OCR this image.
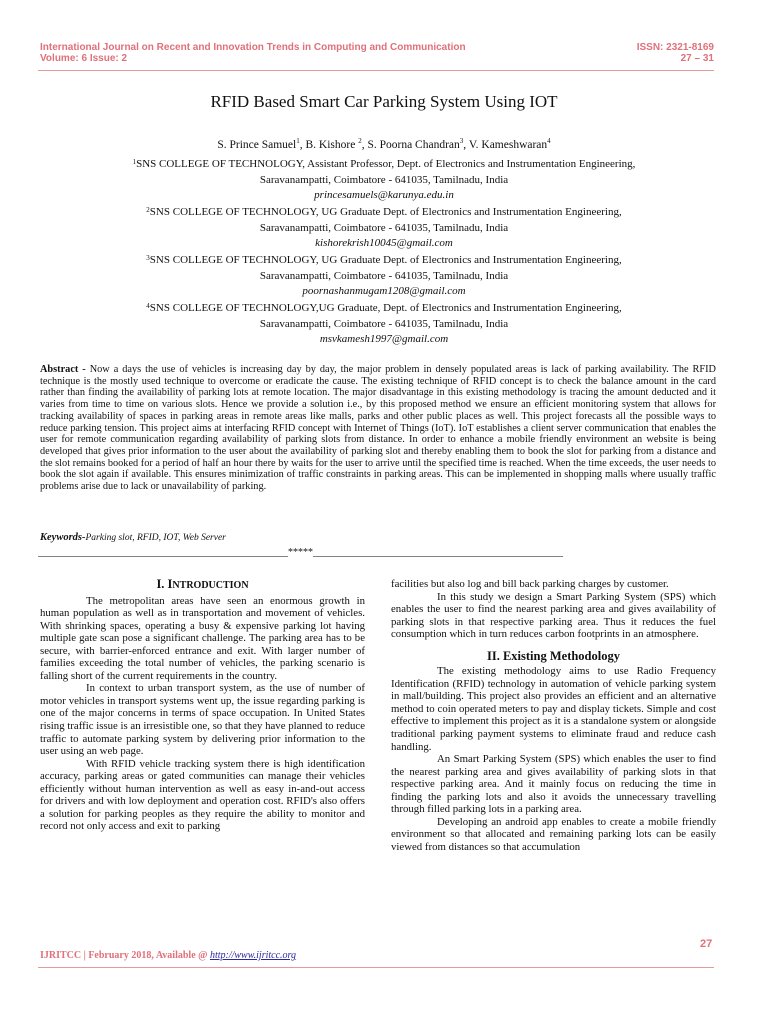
International Journal on Recent and Innovation Trends in Computing and Communication
Volume: 6 Issue: 2
ISSN: 2321-8169
27 – 31
RFID Based Smart Car Parking System Using IOT
S. Prince Samuel$^1$, B. Kishore $^2$, S. Poorna Chandran$^3$, V. Kameshwaran$^4$
$^1$SNS COLLEGE OF TECHNOLOGY, Assistant Professor, Dept. of Electronics and Instrumentation Engineering,
Saravanampatti, Coimbatore - 641035, Tamilnadu, India
princesamuels@karunya.edu.in
$^2$SNS COLLEGE OF TECHNOLOGY, UG Graduate Dept. of Electronics and Instrumentation Engineering,
Saravanampatti, Coimbatore - 641035, Tamilnadu, India
kishorekrish10045@gmail.com
$^3$SNS COLLEGE OF TECHNOLOGY, UG Graduate Dept. of Electronics and Instrumentation Engineering,
Saravanampatti, Coimbatore - 641035, Tamilnadu, India
poornashanmugam1208@gmail.com
$^4$SNS COLLEGE OF TECHNOLOGY,UG Graduate, Dept. of Electronics and Instrumentation Engineering,
Saravanampatti, Coimbatore - 641035, Tamilnadu, India
msvkamesh1997@gmail.com
Abstract - Now a days the use of vehicles is increasing day by day, the major problem in densely populated areas is lack of parking availability. The RFID technique is the mostly used technique to overcome or eradicate the cause. The existing technique of RFID concept is to check the balance amount in the card rather than finding the availability of parking lots at remote location. The major disadvantage in this existing methodology is tracing the amount deducted and it varies from time to time on various slots. Hence we provide a solution i.e., by this proposed method we ensure an efficient monitoring system that allows for tracking availability of spaces in parking areas in remote areas like malls, parks and other public places as well. This project forecasts all the possible ways to reduce parking tension. This project aims at interfacing RFID concept with Internet of Things (IoT). IoT establishes a client server communication that enables the user for remote communication regarding availability of parking slots from distance. In order to enhance a mobile friendly environment an website is being developed that gives prior information to the user about the availability of parking slot and thereby enabling them to book the slot for parking from a distance and the slot remains booked for a period of half an hour there by waits for the user to arrive until the specified time is reached. When the time exceeds, the user needs to book the slot again if available. This ensures minimization of traffic constraints in parking areas. This can be implemented in shopping malls where usually traffic problems arise due to lack or unavailability of parking.
Keywords-Parking slot, RFID, IOT, Web Server
__________________________________________________*****__________________________________________________
I. INTRODUCTION

The metropolitan areas have seen an enormous growth in human population as well as in transportation and movement of vehicles. With shrinking spaces, operating a busy & expensive parking lot having multiple gate scan pose a significant challenge. The parking area has to be secure, with barrier-enforced entrance and exit. With larger number of families exceeding the total number of vehicles, the parking scenario is falling short of the current requirements in the country.

In context to urban transport system, as the use of number of motor vehicles in transport systems went up, the issue regarding parking is one of the major concerns in terms of space occupation. In United States rising traffic issue is an irresistible one, so that they have planned to reduce traffic to automate parking system by delivering prior information to the user using an web page.

With RFID vehicle tracking system there is high identification accuracy, parking areas or gated communities can manage their vehicles efficiently without human intervention as well as easy in-and-out access for drivers and with low deployment and operation cost. RFID's also offers a solution for parking peoples as they require the ability to monitor and record not only access and exit to parking

facilities but also log and bill back parking charges by customer.

In this study we design a Smart Parking System (SPS) which enables the user to find the nearest parking area and gives availability of parking slots in that respective parking area. Thus it reduces the fuel consumption which in turn reduces carbon footprints in an atmosphere.

II. Existing Methodology

The existing methodology aims to use Radio Frequency Identification (RFID) technology in automation of vehicle parking system in mall/building. This project also provides an efficient and an alternative method to coin operated meters to pay and display tickets. Simple and cost effective to implement this project as it is a standalone system or alongside traditional parking payment systems to eliminate fraud and reduce cash handling.

An Smart Parking System (SPS) which enables the user to find the nearest parking area and gives availability of parking slots in that respective parking area. And it mainly focus on reducing the time in finding the parking lots and also it avoids the unnecessary travelling through filled parking lots in a parking area.

Developing an android app enables to create a mobile friendly environment so that allocated and remaining parking lots can be easily viewed from distances so that accumulation

27
IJRITCC | February 2018, Available @ http://www.ijritcc.org
